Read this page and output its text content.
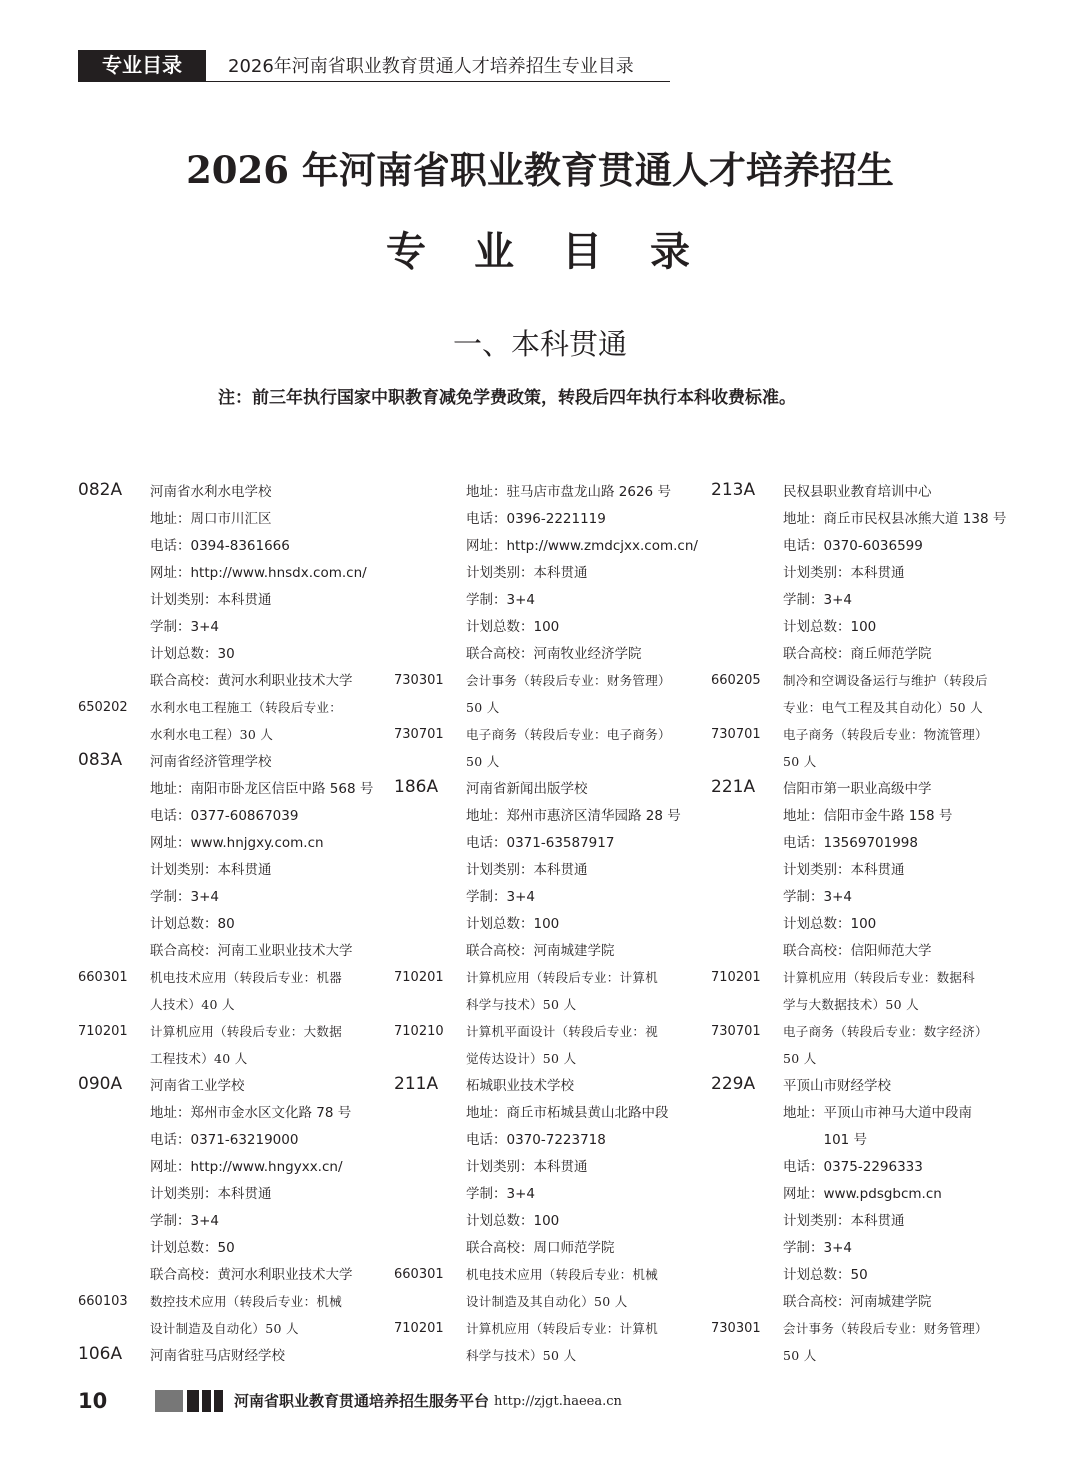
专业目录	2026年河南省职业教育贯通人才培养招生专业目录
2026 年河南省职业教育贯通人才培养招生
专　业　目　录
一、本科贯通
注：前三年执行国家中职教育减免学费政策，转段后四年执行本科收费标准。
082A 河南省水利水电学校
地址：周口市川汇区
电话：0394-8361666
网址：http://www.hnsdx.com.cn/
计划类别：本科贯通
学制：3+4
计划总数：30
联合高校：黄河水利职业技术大学
650202 水利水电工程施工（转段后专业：
水利水电工程）30 人
083A 河南省经济管理学校
地址：南阳市卧龙区信臣中路 568 号
电话：0377-60867039
网址：www.hnjgxy.com.cn
计划类别：本科贯通
学制：3+4
计划总数：80
联合高校：河南工业职业技术大学
660301 机电技术应用（转段后专业：机器
人技术）40 人
710201 计算机应用（转段后专业：大数据
工程技术）40 人
090A 河南省工业学校
地址：郑州市金水区文化路 78 号
电话：0371-63219000
网址：http://www.hngyxx.cn/
计划类别：本科贯通
学制：3+4
计划总数：50
联合高校：黄河水利职业技术大学
660103 数控技术应用（转段后专业：机械
设计制造及自动化）50 人
106A 河南省驻马店财经学校
地址：驻马店市盘龙山路 2626 号
电话：0396-2221119
网址：http://www.zmdcjxx.com.cn/
计划类别：本科贯通
学制：3+4
计划总数：100
联合高校：河南牧业经济学院
730301 会计事务（转段后专业：财务管理）
50 人
730701 电子商务（转段后专业：电子商务）
50 人
186A 河南省新闻出版学校
地址：郑州市惠济区清华园路 28 号
电话：0371-63587917
计划类别：本科贯通
学制：3+4
计划总数：100
联合高校：河南城建学院
710201 计算机应用（转段后专业：计算机
科学与技术）50 人
710210 计算机平面设计（转段后专业：视
觉传达设计）50 人
211A 柘城职业技术学校
地址：商丘市柘城县黄山北路中段
电话：0370-7223718
计划类别：本科贯通
学制：3+4
计划总数：100
联合高校：周口师范学院
660301 机电技术应用（转段后专业：机械
设计制造及其自动化）50 人
710201 计算机应用（转段后专业：计算机
科学与技术）50 人
213A 民权县职业教育培训中心
地址：商丘市民权县冰熊大道 138 号
电话：0370-6036599
计划类别：本科贯通
学制：3+4
计划总数：100
联合高校：商丘师范学院
660205 制冷和空调设备运行与维护（转段后
专业：电气工程及其自动化）50 人
730701 电子商务（转段后专业：物流管理）
50 人
221A 信阳市第一职业高级中学
地址：信阳市金牛路 158 号
电话：13569701998
计划类别：本科贯通
学制：3+4
计划总数：100
联合高校：信阳师范大学
710201 计算机应用（转段后专业：数据科
学与大数据技术）50 人
730701 电子商务（转段后专业：数字经济）
50 人
229A 平顶山市财经学校
地址：平顶山市神马大道中段南
　　　101 号
电话：0375-2296333
网址：www.pdsgbcm.cn
计划类别：本科贯通
学制：3+4
计划总数：50
联合高校：河南城建学院
730301 会计事务（转段后专业：财务管理）
50 人
10	河南省职业教育贯通培养招生服务平台 http://zjgt.haeea.cn
